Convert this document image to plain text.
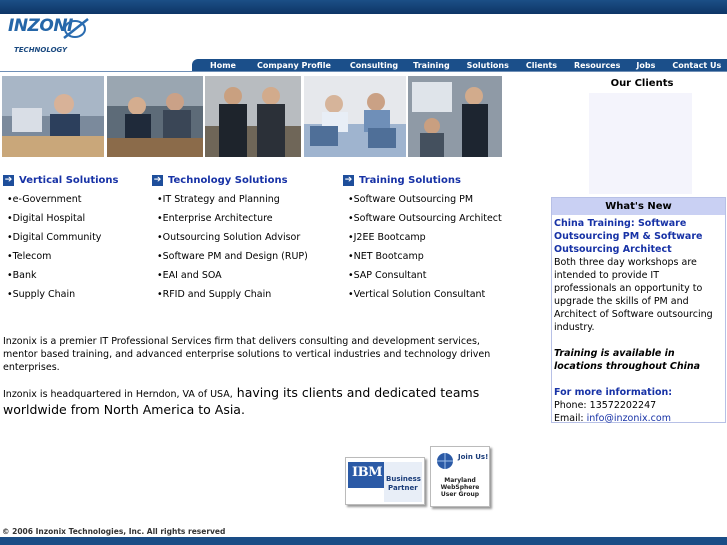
INZONI
TECHNOLOGY
Home	Company Profile Consulting Training Solutions Clients Resources Jobs Contact Us
➔ Vertical Solutions
•e-Government
•Digital Hospital
•Digital Community
•Telecom
•Bank
•Supply Chain
➔ Technology Solutions
•IT Strategy and Planning
•Enterprise Architecture
•Outsourcing Solution Advisor
•Software PM and Design (RUP)
•EAI and SOA
•RFID and Supply Chain
➔ Training Solutions
•Software Outsourcing PM
•Software Outsourcing Architect
•J2EE Bootcamp
•NET Bootcamp
•SAP Consultant
•Vertical Solution Consultant
Inzonix is a premier IT Professional Services firm that delivers consulting and development services, mentor based training, and advanced enterprise solutions to vertical industries and technology driven enterprises.
Inzonix is headquartered in Herndon, VA of USA, having its clients and dedicated teams worldwide from North America to Asia.
Our Clients
What's New
China Training: Software Outsourcing PM & Software Outsourcing Architect
Both three day workshops are intended to provide IT professionals an opportunity to upgrade the skills of PM and Architect of Software outsourcing industry.
Training is available in locations throughout China
For more information:
Phone: 13572202247
Email: info@inzonix.com
IBM Business
Partner
Join Us!
Maryland
WebSphere
User Group
© 2006 Inzonix Technologies, Inc. All rights reserved
